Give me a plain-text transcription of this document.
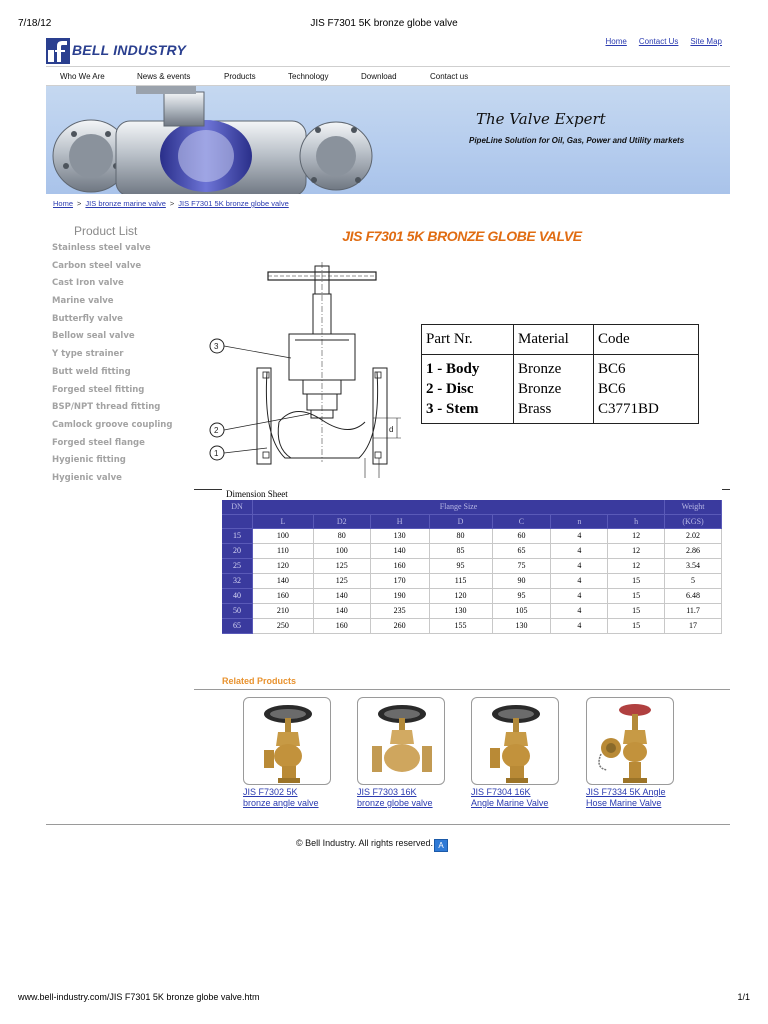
7/18/12	JIS F7301 5K bronze globe valve
BELL INDUSTRY
Home Contact Us Site Map
Who We Are	News & events	Products	Technology	Download	Contact us
The Valve Expert
PipeLine Solution for Oil, Gas, Power and Utility markets
Home > JIS bronze marine valve > JIS F7301 5K bronze globe valve
Product List
Stainless steel valve
Carbon steel valve
Cast Iron valve
Marine valve
Butterfly valve
Bellow seal valve
Y type strainer
Butt weld fitting
Forged steel fitting
BSP/NPT thread fitting
Camlock groove coupling
Forged steel flange
Hygienic fitting
Hygienic valve
JIS F7301 5K BRONZE GLOBE VALVE
d
3
2
1
Part Nr.	Material	Code
1 - Body	Bronze	BC6
2 - Disc	Bronze	BC6
3 - Stem	Brass	C3771BD
Dimension Sheet
DN	Flange Size							Weight
	L	D2	H	D	C	n	h	(KGS)
15	100	80	130	80	60	4	12	2.02
20	110	100	140	85	65	4	12	2.86
25	120	125	160	95	75	4	12	3.54
32	140	125	170	115	90	4	15	5
40	160	140	190	120	95	4	15	6.48
50	210	140	235	130	105	4	15	11.7
65	250	160	260	155	130	4	15	17
Related Products
JIS F7302 5K
bronze angle valve
JIS F7303 16K
bronze globe valve
JIS F7304 16K
Angle Marine Valve
JIS F7334 5K Angle
Hose Marine Valve
© Bell Industry. All rights reserved. A
www.bell-industry.com/JIS F7301 5K bronze globe valve.htm	1/1
